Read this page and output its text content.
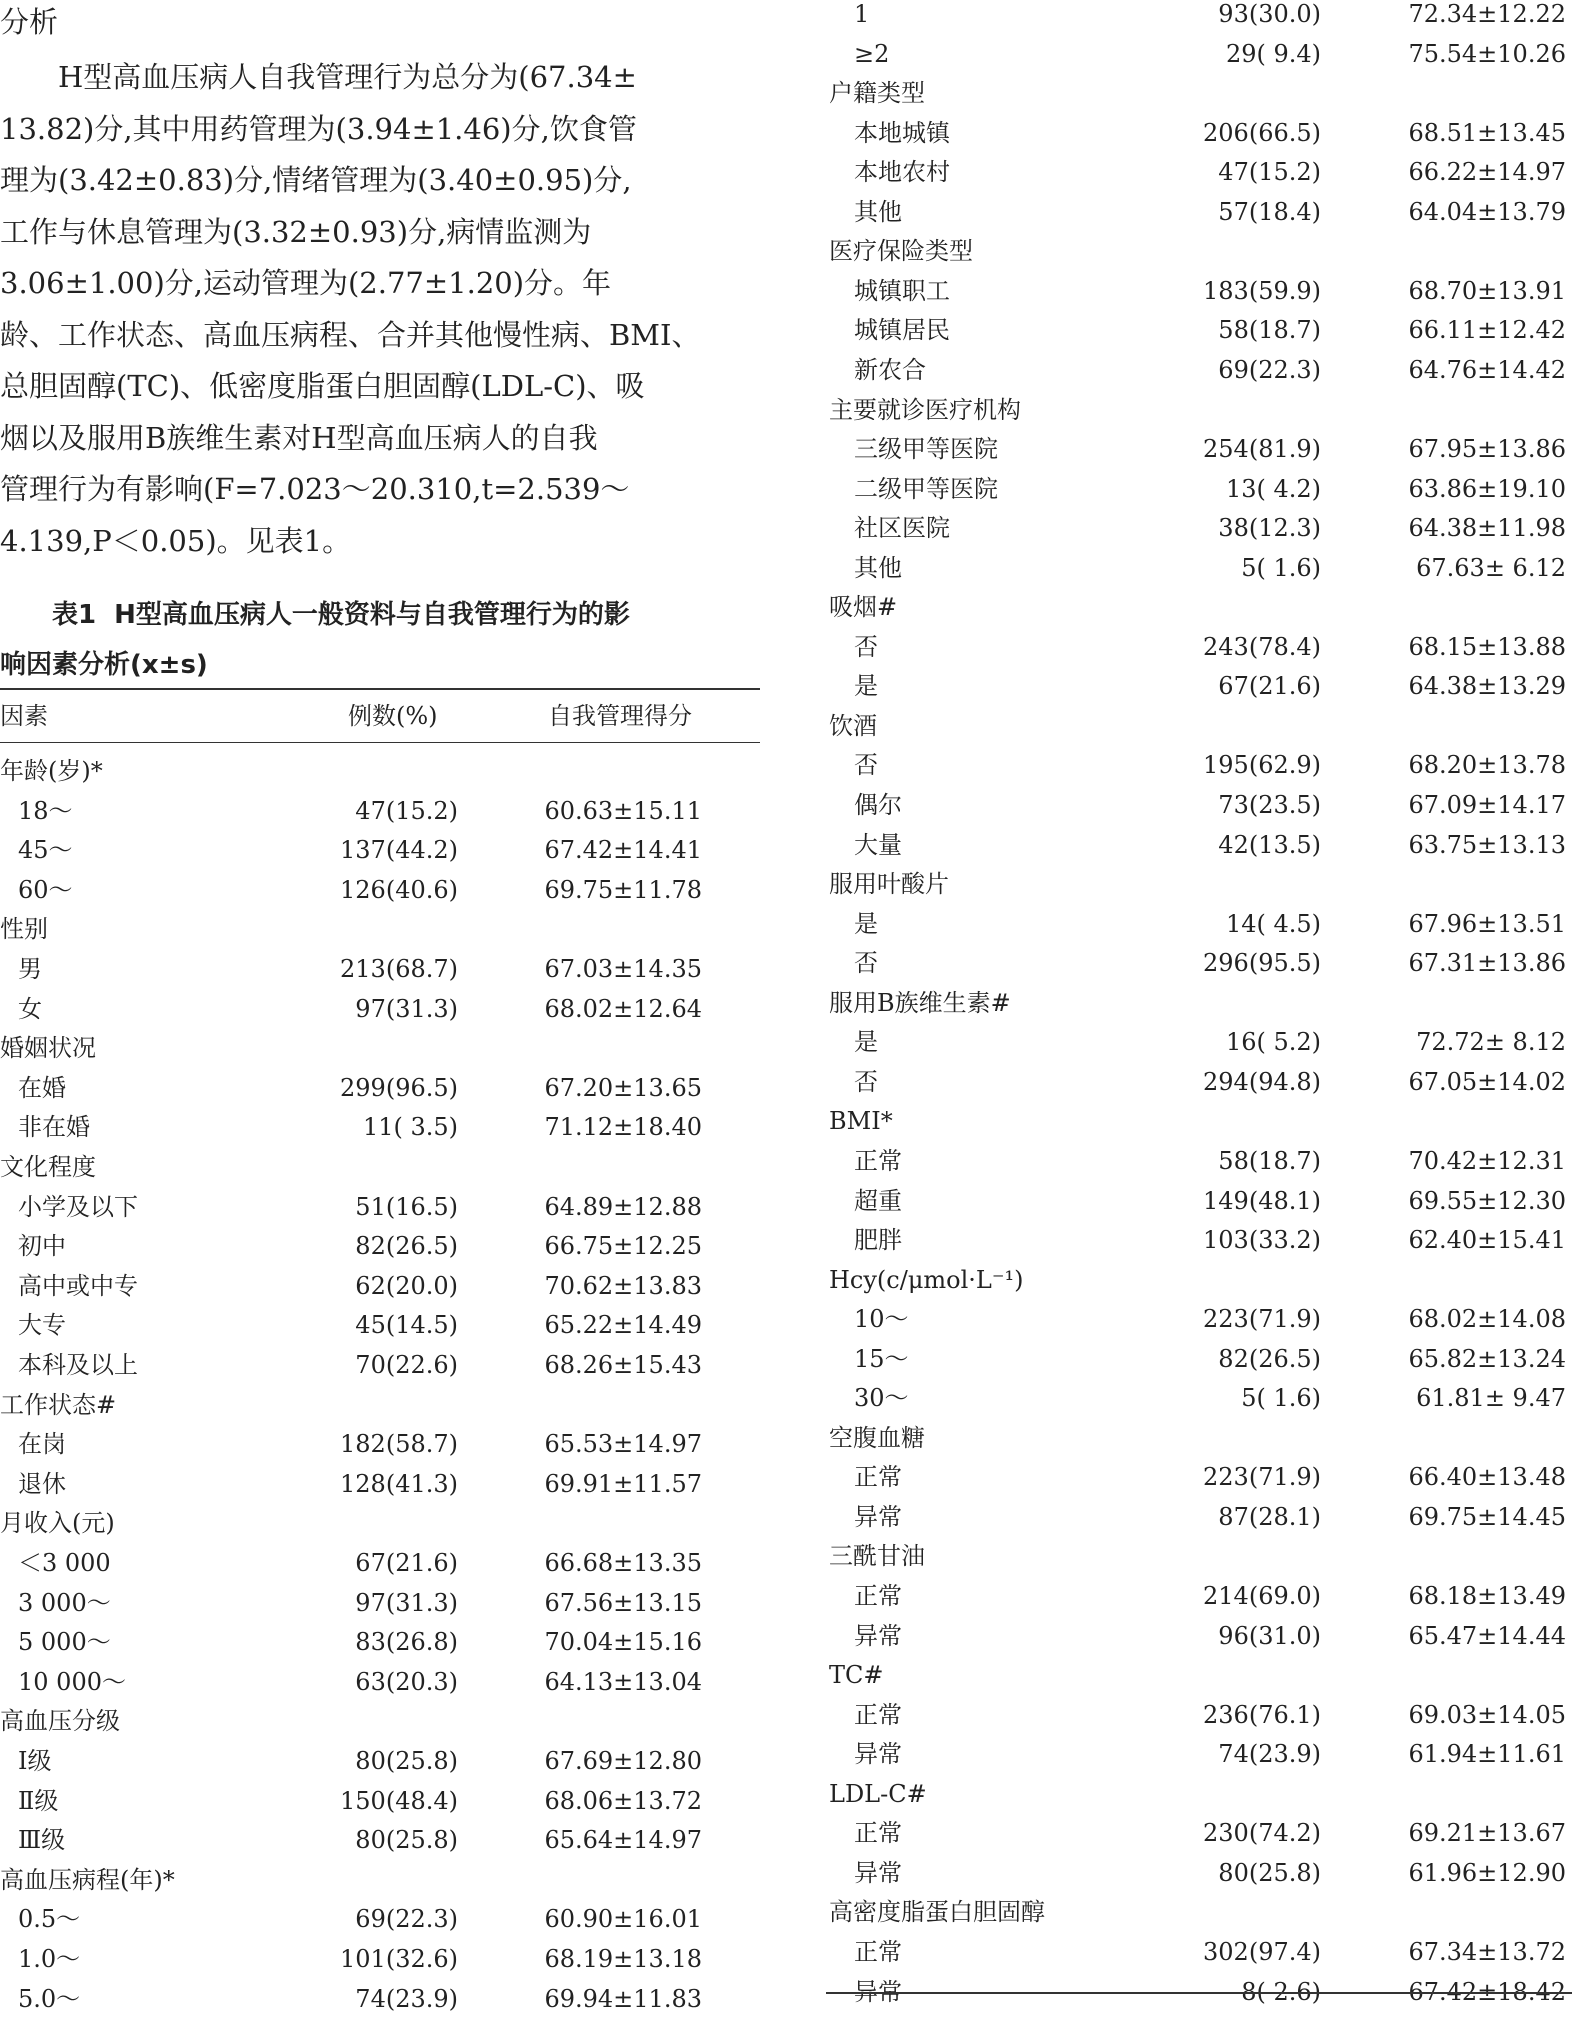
分析
　　H型高血压病人自我管理行为总分为(67.34±
13.82)分,其中用药管理为(3.94±1.46)分,饮食管
理为(3.42±0.83)分,情绪管理为(3.40±0.95)分,
工作与休息管理为(3.32±0.93)分,病情监测为
3.06±1.00)分,运动管理为(2.77±1.20)分。年
龄、工作状态、高血压病程、合并其他慢性病、BMI、
总胆固醇(TC)、低密度脂蛋白胆固醇(LDL-C)、吸
烟以及服用B族维生素对H型高血压病人的自我
管理行为有影响(F=7.023～20.310,t=2.539～
4.139,P＜0.05)。见表1。
表1 H型高血压病人一般资料与自我管理行为的影
响因素分析(x±s)
因素	例数(%)	自我管理得分
年龄(岁)*
18～	47(15.2)	60.63±15.11
45～	137(44.2)	67.42±14.41
60～	126(40.6)	69.75±11.78
性别
男	213(68.7)	67.03±14.35
女	97(31.3)	68.02±12.64
婚姻状况
在婚	299(96.5)	67.20±13.65
非在婚	11( 3.5)	71.12±18.40
文化程度
小学及以下	51(16.5)	64.89±12.88
初中	82(26.5)	66.75±12.25
高中或中专	62(20.0)	70.62±13.83
大专	45(14.5)	65.22±14.49
本科及以上	70(22.6)	68.26±15.43
工作状态#
在岗	182(58.7)	65.53±14.97
退休	128(41.3)	69.91±11.57
月收入(元)
＜3 000	67(21.6)	66.68±13.35
3 000～	97(31.3)	67.56±13.15
5 000～	83(26.8)	70.04±15.16
10 000～	63(20.3)	64.13±13.04
高血压分级
Ⅰ级	80(25.8)	67.69±12.80
Ⅱ级	150(48.4)	68.06±13.72
Ⅲ级	80(25.8)	65.64±14.97
高血压病程(年)*
0.5～	69(22.3)	60.90±16.01
1.0～	101(32.6)	68.19±13.18
5.0～	74(23.9)	69.94±11.83
1	93(30.0)	72.34±12.22
≥2	29( 9.4)	75.54±10.26
户籍类型
本地城镇	206(66.5)	68.51±13.45
本地农村	47(15.2)	66.22±14.97
其他	57(18.4)	64.04±13.79
医疗保险类型
城镇职工	183(59.9)	68.70±13.91
城镇居民	58(18.7)	66.11±12.42
新农合	69(22.3)	64.76±14.42
主要就诊医疗机构
三级甲等医院	254(81.9)	67.95±13.86
二级甲等医院	13( 4.2)	63.86±19.10
社区医院	38(12.3)	64.38±11.98
其他	5( 1.6)	67.63± 6.12
吸烟#
否	243(78.4)	68.15±13.88
是	67(21.6)	64.38±13.29
饮酒
否	195(62.9)	68.20±13.78
偶尔	73(23.5)	67.09±14.17
大量	42(13.5)	63.75±13.13
服用叶酸片
是	14( 4.5)	67.96±13.51
否	296(95.5)	67.31±13.86
服用B族维生素#
是	16( 5.2)	72.72± 8.12
否	294(94.8)	67.05±14.02
BMI*
正常	58(18.7)	70.42±12.31
超重	149(48.1)	69.55±12.30
肥胖	103(33.2)	62.40±15.41
Hcy(c/μmol·L⁻¹)
10～	223(71.9)	68.02±14.08
15～	82(26.5)	65.82±13.24
30～	5( 1.6)	61.81± 9.47
空腹血糖
正常	223(71.9)	66.40±13.48
异常	87(28.1)	69.75±14.45
三酰甘油
正常	214(69.0)	68.18±13.49
异常	96(31.0)	65.47±14.44
TC#
正常	236(76.1)	69.03±14.05
异常	74(23.9)	61.94±11.61
LDL-C#
正常	230(74.2)	69.21±13.67
异常	80(25.8)	61.96±12.90
高密度脂蛋白胆固醇
正常	302(97.4)	67.34±13.72
异常	8( 2.6)	67.42±18.42
